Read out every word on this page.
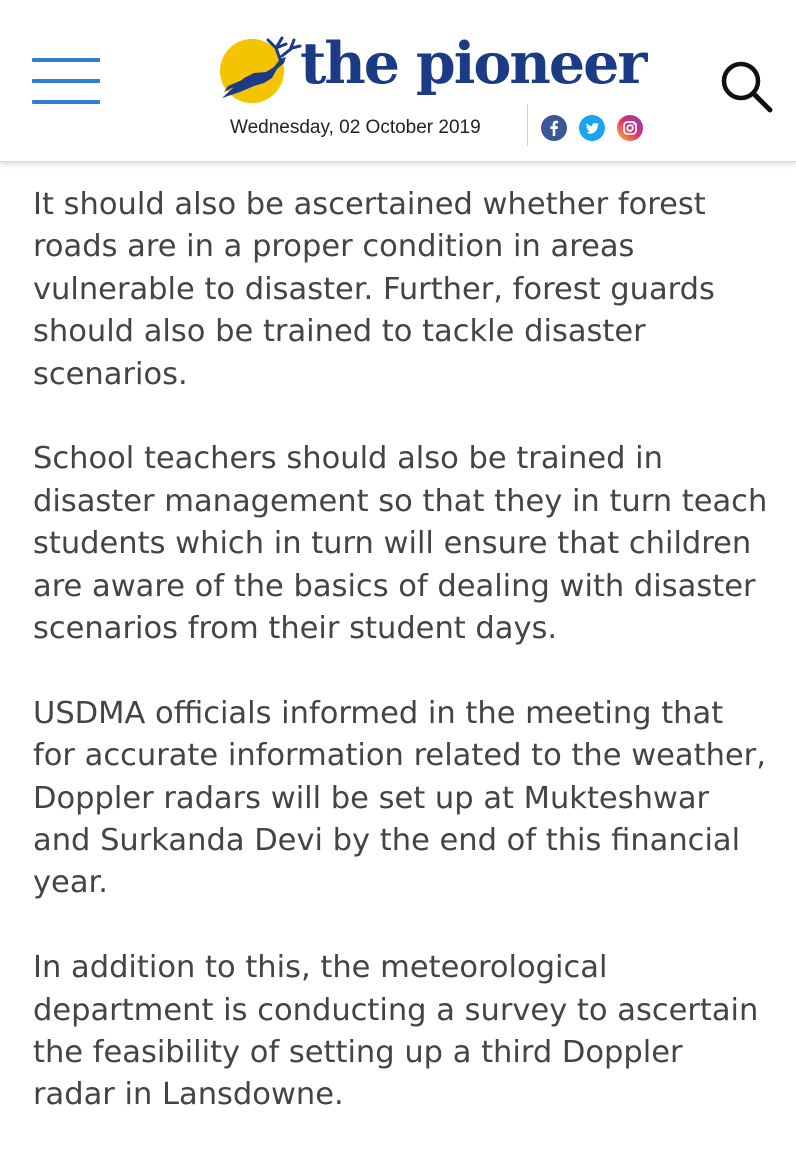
the pioneer
Wednesday, 02 October 2019

It should also be ascertained whether forest roads are in a proper condition in areas vulnerable to disaster. Further, forest guards should also be trained to tackle disaster scenarios.

School teachers should also be trained in disaster management so that they in turn teach students which in turn will ensure that children are aware of the basics of dealing with disaster scenarios from their student days.

USDMA officials informed in the meeting that for accurate information related to the weather, Doppler radars will be set up at Mukteshwar and Surkanda Devi by the end of this financial year.

In addition to this, the meteorological department is conducting a survey to ascertain the feasibility of setting up a third Doppler radar in Lansdowne.
